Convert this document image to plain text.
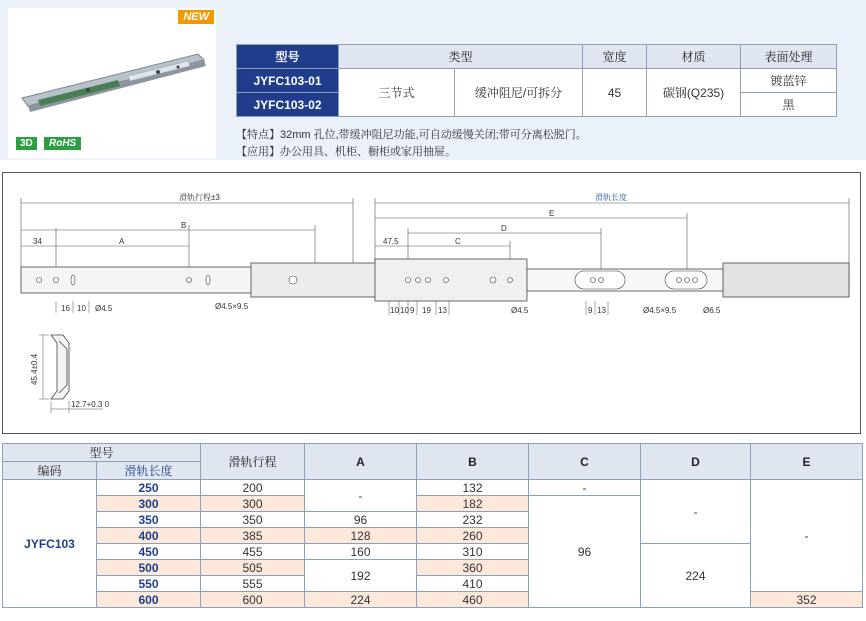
NEW
3D	RoHS
型号	类型		宽度	材质	表面处理
JYFC103-01	三节式	缓冲阻尼/可拆分	45	碳钢(Q235)	镀蓝锌
JYFC103-02					黑
【特点】32mm 孔位,带缓冲阻尼功能,可自动缓慢关闭;带可分离松脱门。
【应用】办公用具、机柜、橱柜或家用抽屉。
滑轨行程±3	滑轨长度
B
E
D
34	A	47.5	C
16 10 Ø4.5	Ø4.5×9.5	10 10 9 19 13	Ø4.5	9 13	Ø4.5×9.5	Ø6.5
45.4±0.4
12.7+0.3 0
型号		滑轨行程	A	B	C	D	E
编码	滑轨长度						
JYFC103	250	200	-	132	-	-	-
	300	300		182	96		
	350	350	96	232			
	400	385	128	260			
	450	455	160	310		224	
	500	505	192	360			
	550	555		410			
	600	600	224	460			352
